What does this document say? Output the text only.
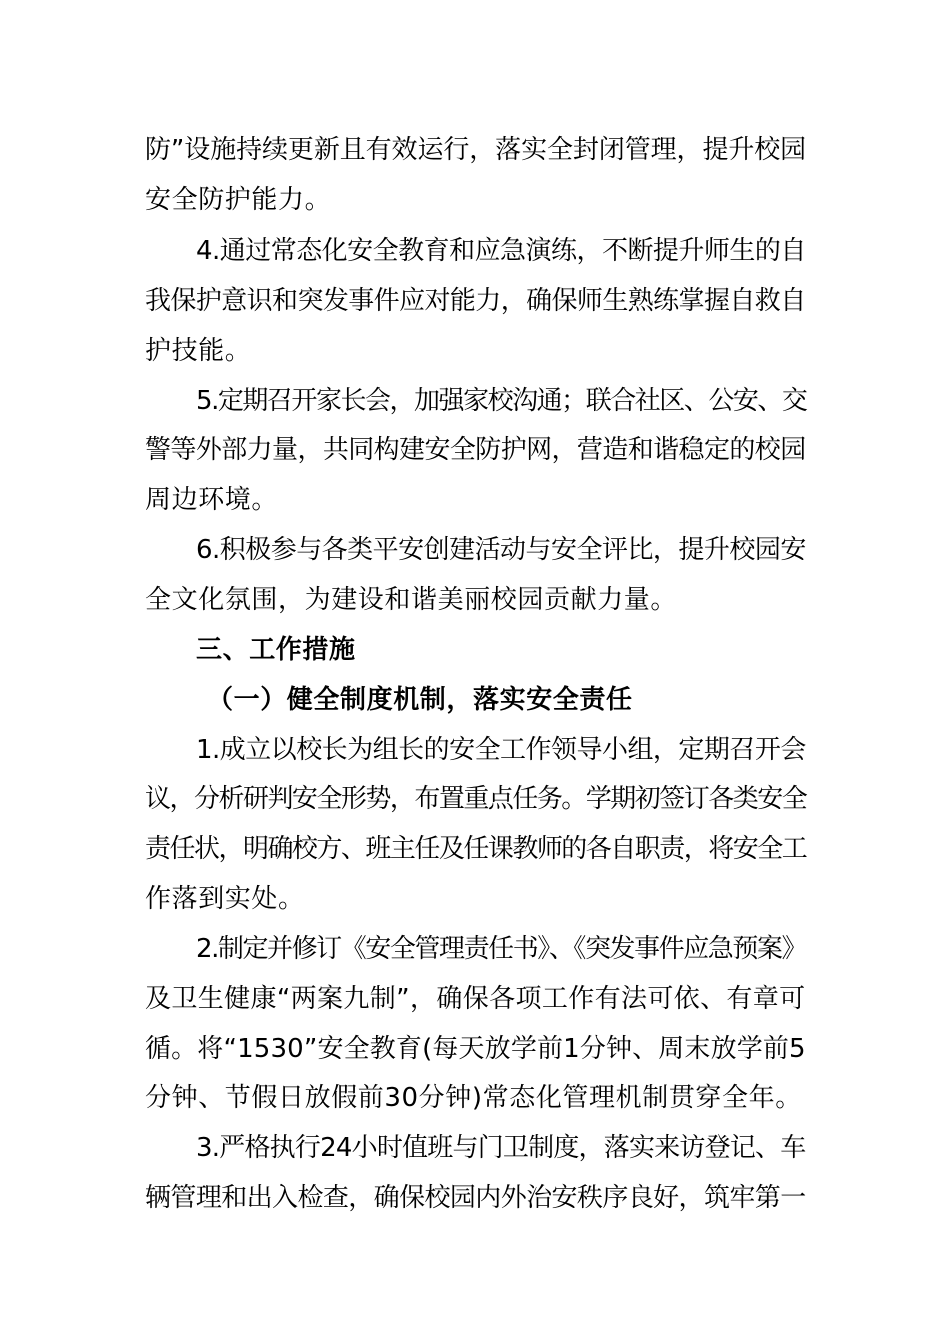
防”设施持续更新且有效运行，落实全封闭管理，提升校园
安全防护能力。
4.通过常态化安全教育和应急演练，不断提升师生的自
我保护意识和突发事件应对能力，确保师生熟练掌握自救自
护技能。
5.定期召开家长会，加强家校沟通；联合社区、公安、交
警等外部力量，共同构建安全防护网，营造和谐稳定的校园
周边环境。
6.积极参与各类平安创建活动与安全评比，提升校园安
全文化氛围，为建设和谐美丽校园贡献力量。
三、工作措施
（一）健全制度机制，落实安全责任
1.成立以校长为组长的安全工作领导小组，定期召开会
议，分析研判安全形势，布置重点任务。学期初签订各类安全
责任状，明确校方、班主任及任课教师的各自职责，将安全工
作落到实处。
2.制定并修订《安全管理责任书》、《突发事件应急预案》
及卫生健康“两案九制”，确保各项工作有法可依、有章可
循。将“1530”安全教育(每天放学前1分钟、周末放学前5
分钟、节假日放假前30分钟)常态化管理机制贯穿全年。
3.严格执行24小时值班与门卫制度，落实来访登记、车
辆管理和出入检查，确保校园内外治安秩序良好，筑牢第一
